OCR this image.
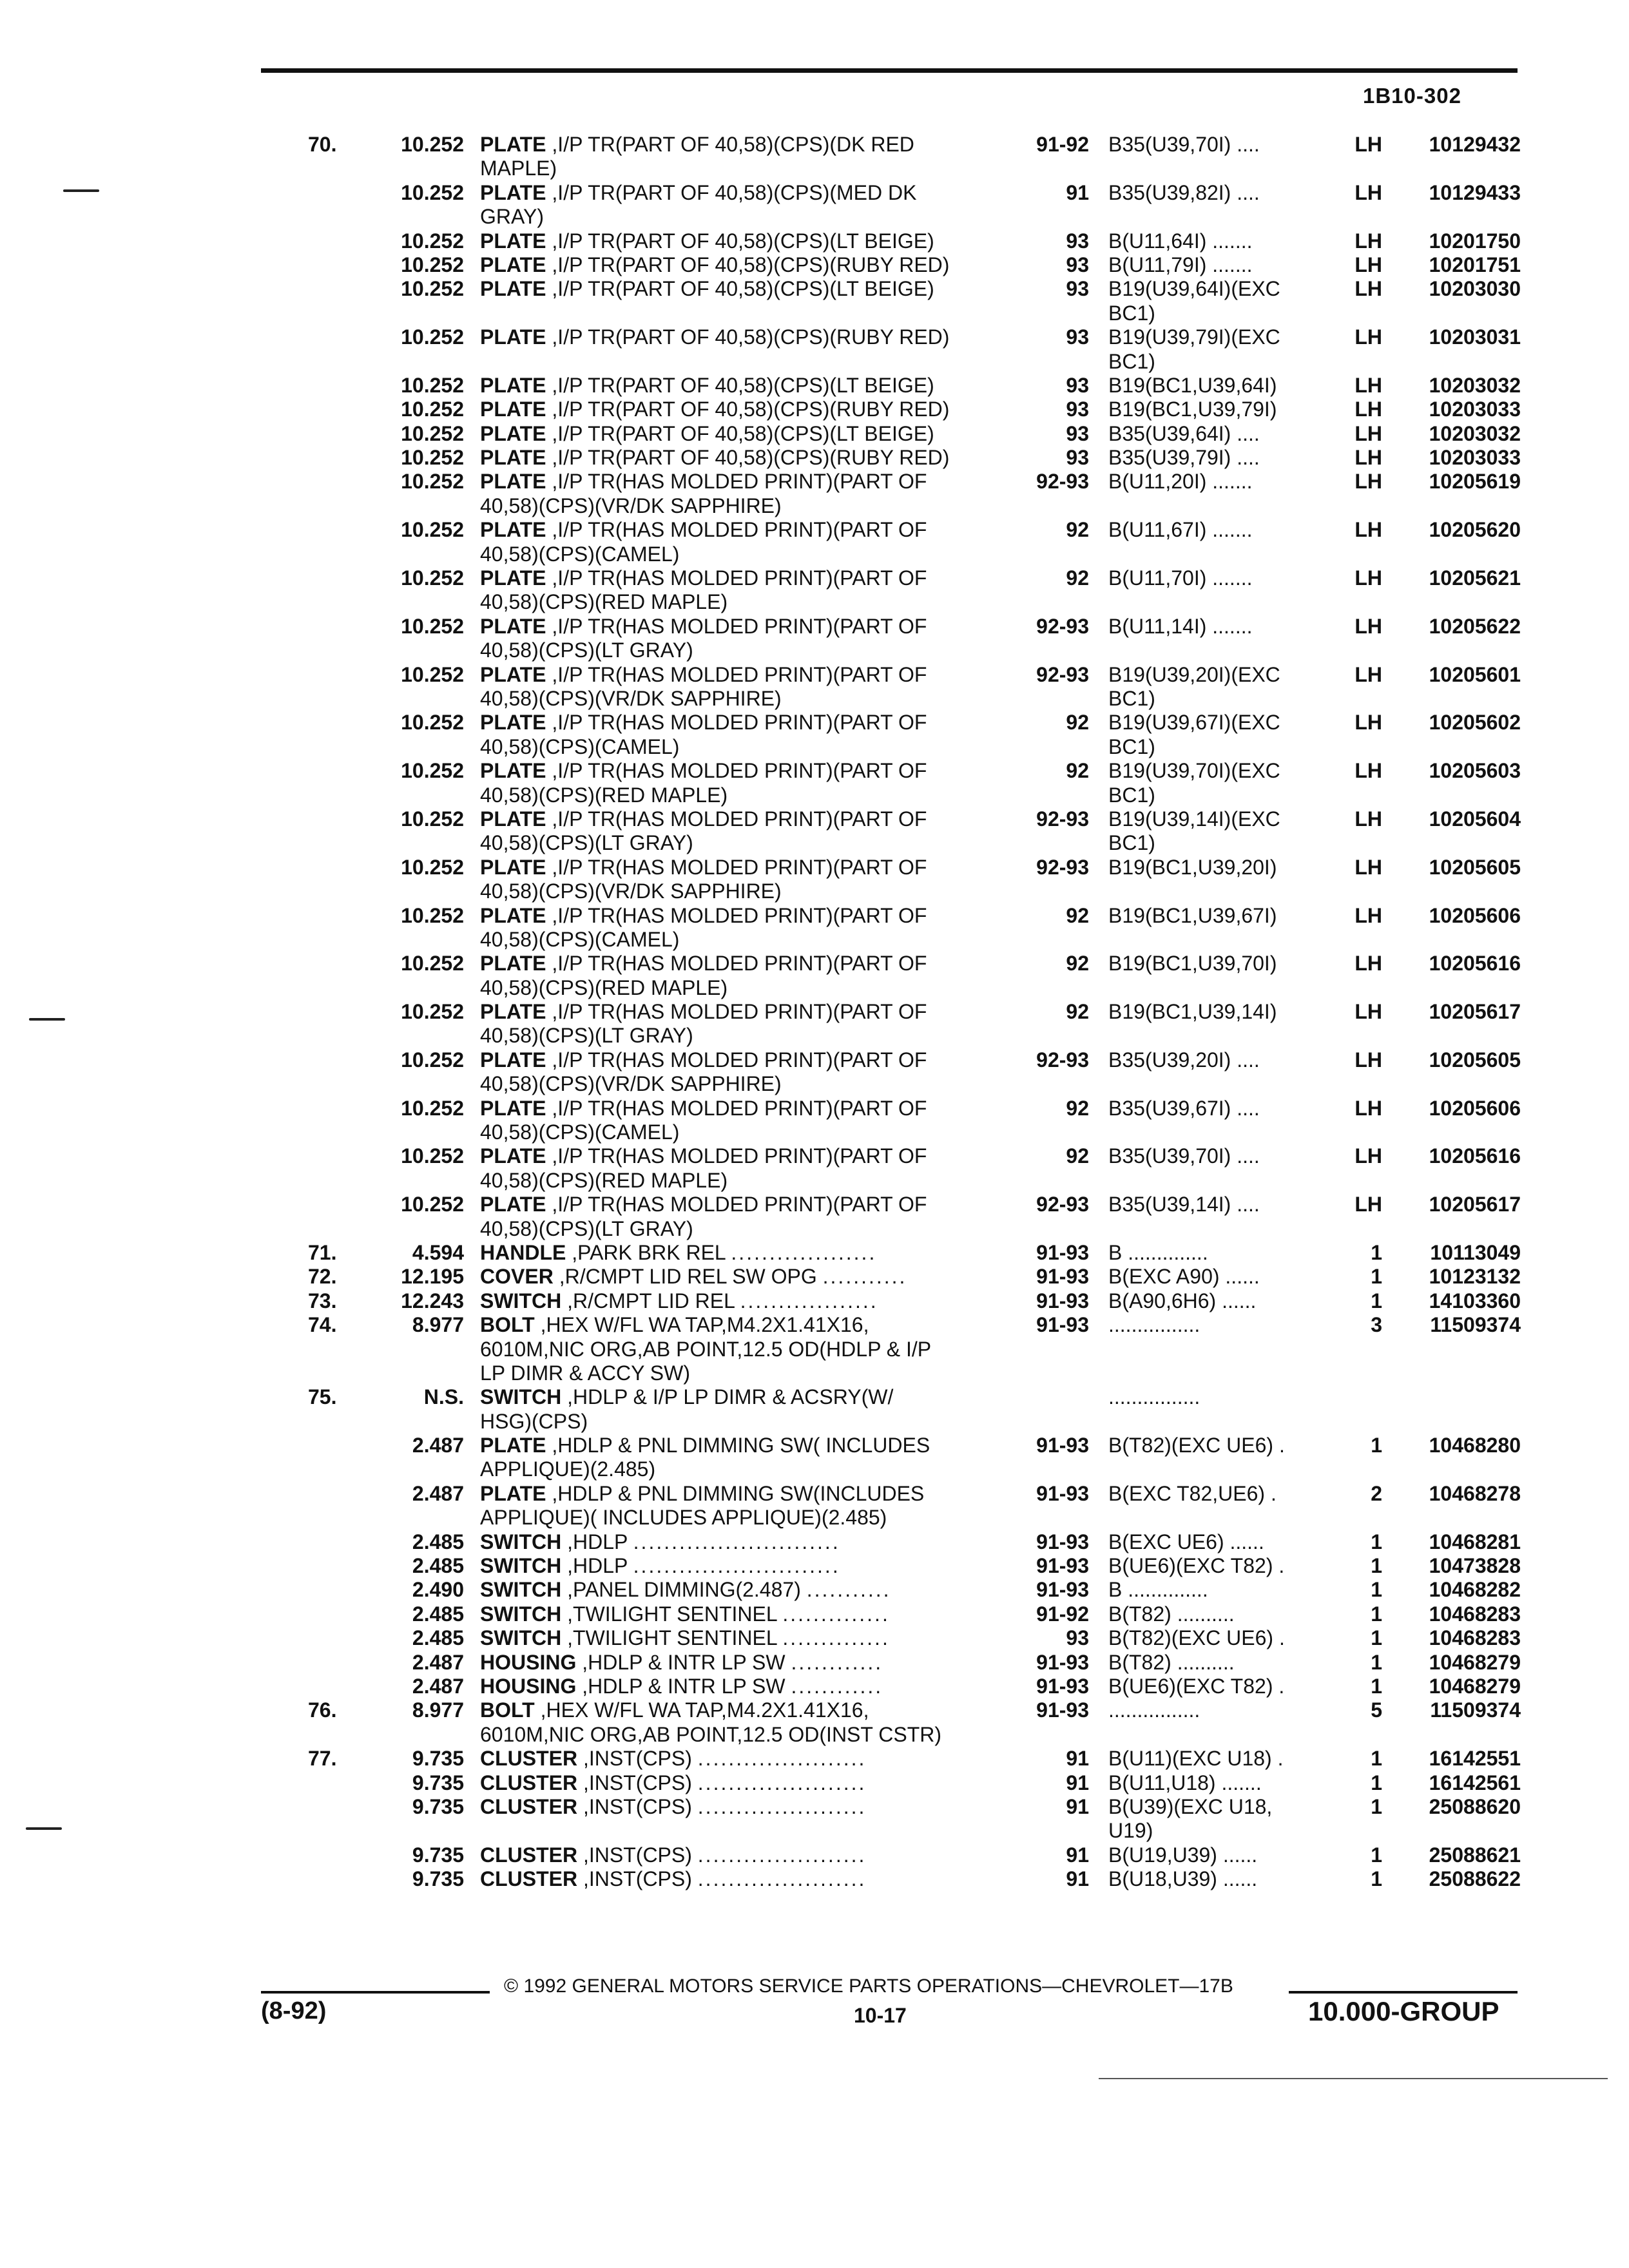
1B10-302
70.	10.252 PLATE ,I/P TR(PART OF 40,58)(CPS)(DK RED	91-92 B35(U39,70I) ....	LH	10129432
MAPLE)
10.252 PLATE ,I/P TR(PART OF 40,58)(CPS)(MED DK	91 B35(U39,82I) ....	LH	10129433
GRAY)
10.252 PLATE ,I/P TR(PART OF 40,58)(CPS)(LT BEIGE)	93 B(U11,64I) .......	LH	10201750
10.252 PLATE ,I/P TR(PART OF 40,58)(CPS)(RUBY RED)	93 B(U11,79I) .......	LH	10201751
10.252 PLATE ,I/P TR(PART OF 40,58)(CPS)(LT BEIGE)	93 B19(U39,64I)(EXC	LH	10203030
BC1)
10.252 PLATE ,I/P TR(PART OF 40,58)(CPS)(RUBY RED)	93 B19(U39,79I)(EXC	LH	10203031
BC1)
10.252 PLATE ,I/P TR(PART OF 40,58)(CPS)(LT BEIGE)	93 B19(BC1,U39,64I)	LH	10203032
10.252 PLATE ,I/P TR(PART OF 40,58)(CPS)(RUBY RED)	93 B19(BC1,U39,79I)	LH	10203033
10.252 PLATE ,I/P TR(PART OF 40,58)(CPS)(LT BEIGE)	93 B35(U39,64I) ....	LH	10203032
10.252 PLATE ,I/P TR(PART OF 40,58)(CPS)(RUBY RED)	93 B35(U39,79I) ....	LH	10203033
10.252 PLATE ,I/P TR(HAS MOLDED PRINT)(PART OF	92-93 B(U11,20I) .......	LH	10205619
40,58)(CPS)(VR/DK SAPPHIRE)
10.252 PLATE ,I/P TR(HAS MOLDED PRINT)(PART OF	92 B(U11,67I) .......	LH	10205620
40,58)(CPS)(CAMEL)
10.252 PLATE ,I/P TR(HAS MOLDED PRINT)(PART OF	92 B(U11,70I) .......	LH	10205621
40,58)(CPS)(RED MAPLE)
10.252 PLATE ,I/P TR(HAS MOLDED PRINT)(PART OF	92-93 B(U11,14I) .......	LH	10205622
40,58)(CPS)(LT GRAY)
10.252 PLATE ,I/P TR(HAS MOLDED PRINT)(PART OF	92-93 B19(U39,20I)(EXC	LH	10205601
40,58)(CPS)(VR/DK SAPPHIRE)	BC1)
10.252 PLATE ,I/P TR(HAS MOLDED PRINT)(PART OF	92 B19(U39,67I)(EXC	LH	10205602
40,58)(CPS)(CAMEL)	BC1)
10.252 PLATE ,I/P TR(HAS MOLDED PRINT)(PART OF	92 B19(U39,70I)(EXC	LH	10205603
40,58)(CPS)(RED MAPLE)	BC1)
10.252 PLATE ,I/P TR(HAS MOLDED PRINT)(PART OF	92-93 B19(U39,14I)(EXC	LH	10205604
40,58)(CPS)(LT GRAY)	BC1)
10.252 PLATE ,I/P TR(HAS MOLDED PRINT)(PART OF	92-93 B19(BC1,U39,20I)	LH	10205605
40,58)(CPS)(VR/DK SAPPHIRE)
10.252 PLATE ,I/P TR(HAS MOLDED PRINT)(PART OF	92 B19(BC1,U39,67I)	LH	10205606
40,58)(CPS)(CAMEL)
10.252 PLATE ,I/P TR(HAS MOLDED PRINT)(PART OF	92 B19(BC1,U39,70I)	LH	10205616
40,58)(CPS)(RED MAPLE)
10.252 PLATE ,I/P TR(HAS MOLDED PRINT)(PART OF	92 B19(BC1,U39,14I)	LH	10205617
40,58)(CPS)(LT GRAY)
10.252 PLATE ,I/P TR(HAS MOLDED PRINT)(PART OF	92-93 B35(U39,20I) ....	LH	10205605
40,58)(CPS)(VR/DK SAPPHIRE)
10.252 PLATE ,I/P TR(HAS MOLDED PRINT)(PART OF	92 B35(U39,67I) ....	LH	10205606
40,58)(CPS)(CAMEL)
10.252 PLATE ,I/P TR(HAS MOLDED PRINT)(PART OF	92 B35(U39,70I) ....	LH	10205616
40,58)(CPS)(RED MAPLE)
10.252 PLATE ,I/P TR(HAS MOLDED PRINT)(PART OF	92-93 B35(U39,14I) ....	LH	10205617
40,58)(CPS)(LT GRAY)
71.	4.594 HANDLE ,PARK BRK REL ...................	91-93 B ..............	1	10113049
72.	12.195 COVER ,R/CMPT LID REL SW OPG ...........	91-93 B(EXC A90) ......	1	10123132
73.	12.243 SWITCH ,R/CMPT LID REL ..................	91-93 B(A90,6H6) ......	1	14103360
74.	8.977 BOLT ,HEX W/FL WA TAP,M4.2X1.41X16,	91-93 ................	3	11509374
6010M,NIC ORG,AB POINT,12.5 OD(HDLP & I/P
LP DIMR & ACCY SW)
75.	N.S. SWITCH ,HDLP & I/P LP DIMR & ACSRY(W/	................
HSG)(CPS)
2.487 PLATE ,HDLP & PNL DIMMING SW( INCLUDES	91-93 B(T82)(EXC UE6) .	1	10468280
APPLIQUE)(2.485)
2.487 PLATE ,HDLP & PNL DIMMING SW(INCLUDES	91-93 B(EXC T82,UE6) .	2	10468278
APPLIQUE)( INCLUDES APPLIQUE)(2.485)
2.485 SWITCH ,HDLP ...........................	91-93 B(EXC UE6) ......	1	10468281
2.485 SWITCH ,HDLP ...........................	91-93 B(UE6)(EXC T82) .	1	10473828
2.490 SWITCH ,PANEL DIMMING(2.487) ...........	91-93 B ..............	1	10468282
2.485 SWITCH ,TWILIGHT SENTINEL ..............	91-92 B(T82) ..........	1	10468283
2.485 SWITCH ,TWILIGHT SENTINEL ..............	93 B(T82)(EXC UE6) .	1	10468283
2.487 HOUSING ,HDLP & INTR LP SW ............	91-93 B(T82) ..........	1	10468279
2.487 HOUSING ,HDLP & INTR LP SW ............	91-93 B(UE6)(EXC T82) .	1	10468279
76.	8.977 BOLT ,HEX W/FL WA TAP,M4.2X1.41X16,	91-93 ................	5	11509374
6010M,NIC ORG,AB POINT,12.5 OD(INST CSTR)
77.	9.735 CLUSTER ,INST(CPS) ......................	91 B(U11)(EXC U18) .	1	16142551
9.735 CLUSTER ,INST(CPS) ......................	91 B(U11,U18) .......	1	16142561
9.735 CLUSTER ,INST(CPS) ......................	91 B(U39)(EXC U18,	1	25088620
U19)
9.735 CLUSTER ,INST(CPS) ......................	91 B(U19,U39) ......	1	25088621
9.735 CLUSTER ,INST(CPS) ......................	91 B(U18,U39) ......	1	25088622
© 1992 GENERAL MOTORS SERVICE PARTS OPERATIONS—CHEVROLET—17B
(8-92)	10-17	10.000-GROUP
